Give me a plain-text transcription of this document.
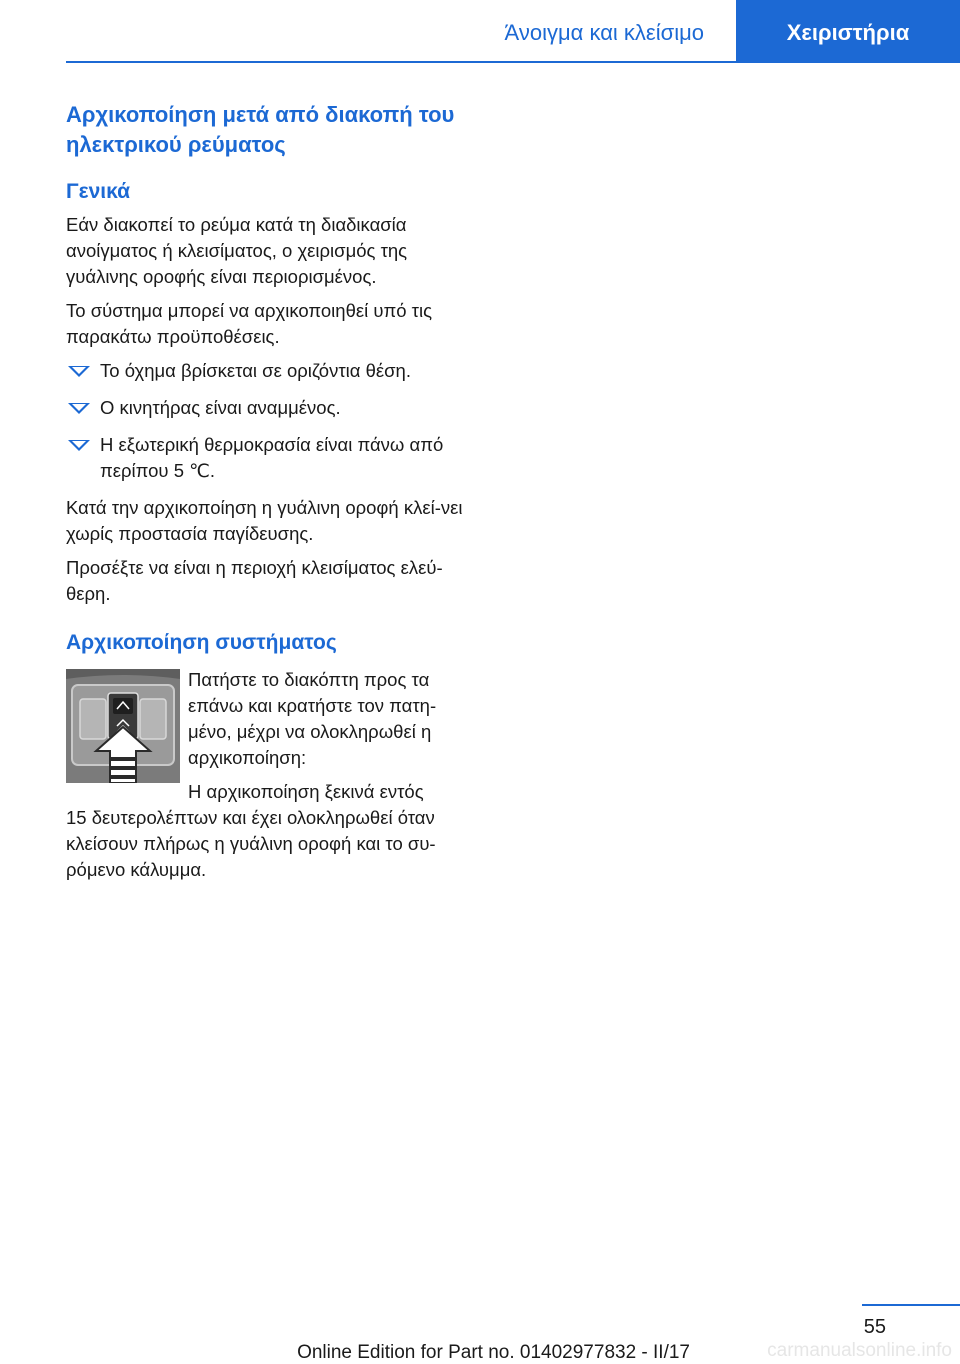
Άνοιγμα και κλείσιμο	Χειριστήρια
Αρχικοποίηση μετά από διακοπή του ηλεκτρικού ρεύματος
Γενικά

Εάν διακοπεί το ρεύμα κατά τη διαδικασία ανοίγματος ή κλεισίματος, ο χειρισμός της γυάλινης οροφής είναι περιορισμένος.

Το σύστημα μπορεί να αρχικοποιηθεί υπό τις παρακάτω προϋποθέσεις.

Το όχημα βρίσκεται σε οριζόντια θέση.
Ο κινητήρας είναι αναμμένος.
Η εξωτερική θερμοκρασία είναι πάνω από περίπου 5 ℃.

Κατά την αρχικοποίηση η γυάλινη οροφή κλεί‐νει χωρίς προστασία παγίδευσης.

Προσέξτε να είναι η περιοχή κλεισίματος ελεύ‐θερη.

Αρχικοποίηση συστήματος

Πατήστε το διακόπτη προς τα επάνω και κρατήστε τον πατη‐μένο, μέχρι να ολοκληρωθεί η αρχικοποίηση:

Η αρχικοποίηση ξεκινά εντός

15 δευτερολέπτων και έχει ολοκληρωθεί όταν κλείσουν πλήρως η γυάλινη οροφή και το συ‐ρόμενο κάλυμμα.

55
Online Edition for Part no. 01402977832 - II/17	carmanualsonline.info
